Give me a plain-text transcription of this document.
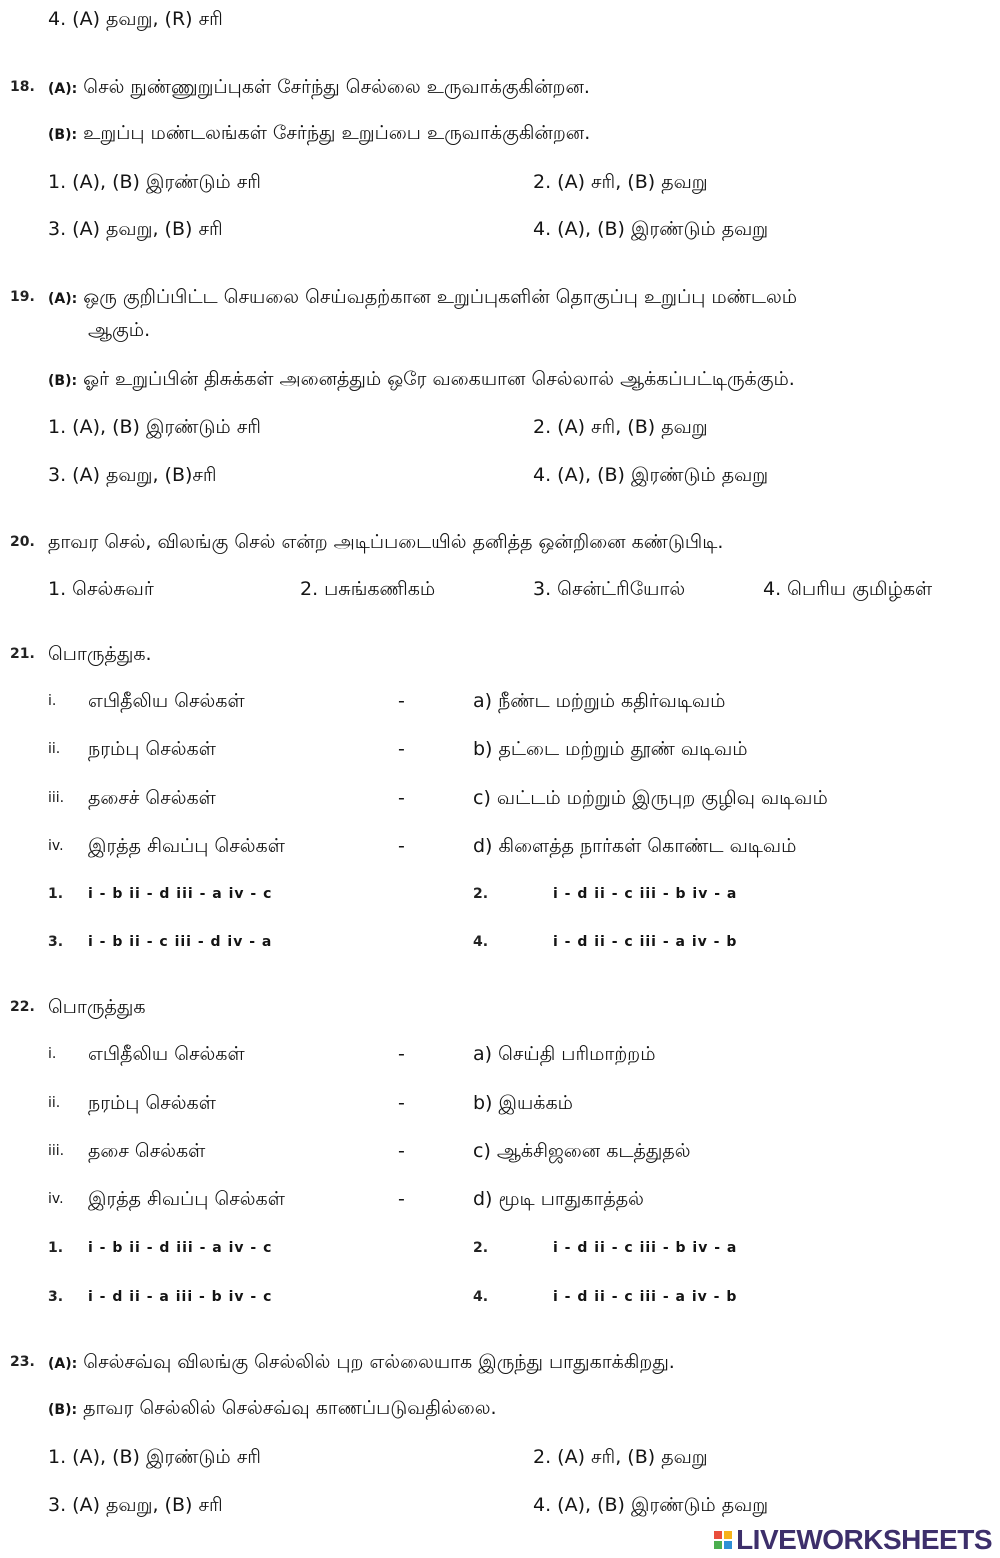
4. (A) தவறு, (R) சரி
18. (A): செல் நுண்ணுறுப்புகள் சேர்ந்து செல்லை உருவாக்குகின்றன.
(B): உறுப்பு மண்டலங்கள் சேர்ந்து உறுப்பை உருவாக்குகின்றன.
1. (A), (B) இரண்டும் சரி	2. (A) சரி, (B) தவறு
3. (A) தவறு, (B) சரி	4. (A), (B) இரண்டும் தவறு
19. (A): ஒரு குறிப்பிட்ட செயலை செய்வதற்கான உறுப்புகளின் தொகுப்பு உறுப்பு மண்டலம்
ஆகும்.
(B): ஓர் உறுப்பின் திசுக்கள் அனைத்தும் ஒரே வகையான செல்லால் ஆக்கப்பட்டிருக்கும்.
1. (A), (B) இரண்டும் சரி	2. (A) சரி, (B) தவறு
3. (A) தவறு, (B)சரி	4. (A), (B) இரண்டும் தவறு
20. தாவர செல், விலங்கு செல் என்ற அடிப்படையில் தனித்த ஒன்றினை கண்டுபிடி.
1. செல்சுவர்	2. பசுங்கணிகம்	3. சென்ட்ரியோல்	4. பெரிய குமிழ்கள்
21. பொருத்துக.
i. எபிதீலிய செல்கள்	-	a) நீண்ட மற்றும் கதிர்வடிவம்
ii. நரம்பு செல்கள்	-	b) தட்டை மற்றும் தூண் வடிவம்
iii. தசைச் செல்கள்	-	c) வட்டம் மற்றும் இருபுற குழிவு வடிவம்
iv. இரத்த சிவப்பு செல்கள்	-	d) கிளைத்த நார்கள் கொண்ட வடிவம்
1. i - b ii - d iii - a iv - c	2.	i - d ii - c iii - b iv - a
3. i - b ii - c iii - d iv - a	4.	i - d ii - c iii - a iv - b
22. பொருத்துக
i. எபிதீலிய செல்கள்	-	a) செய்தி பரிமாற்றம்
ii. நரம்பு செல்கள்	-	b) இயக்கம்
iii. தசை செல்கள்	-	c) ஆக்சிஜனை கடத்துதல்
iv. இரத்த சிவப்பு செல்கள்	-	d) மூடி பாதுகாத்தல்
1. i - b ii - d iii - a iv - c	2.	i - d ii - c iii - b iv - a
3. i - d ii - a iii - b iv - c	4.	i - d ii - c iii - a iv - b
23. (A): செல்சவ்வு விலங்கு செல்லில் புற எல்லையாக இருந்து பாதுகாக்கிறது.
(B): தாவர செல்லில் செல்சவ்வு காணப்படுவதில்லை.
1. (A), (B) இரண்டும் சரி	2. (A) சரி, (B) தவறு
3. (A) தவறு, (B) சரி	4. (A), (B) இரண்டும் தவறு
LIVEWORKSHEETS
